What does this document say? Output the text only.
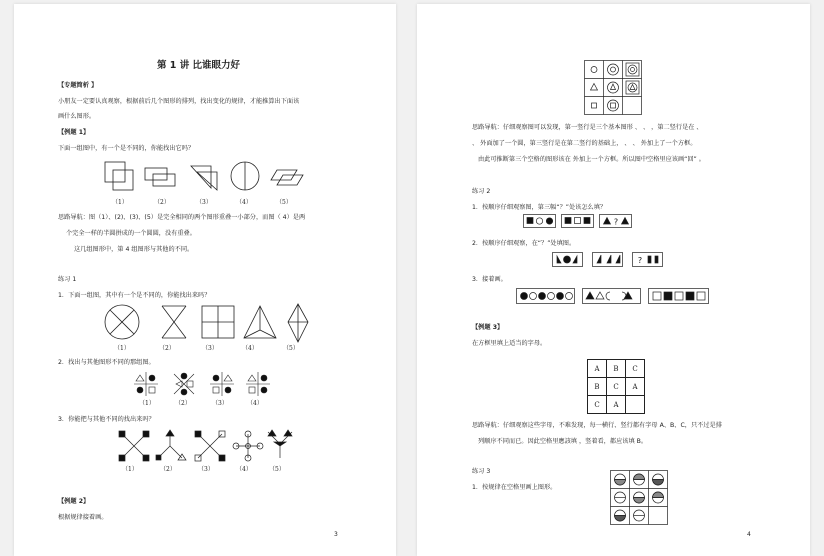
第 1 讲 比谁眼力好
【专题简析 】
小朋友一定要认真观察，根据前后几个图形的排列，找出变化的规律，才能推算出下面该
画什么图形。
【例题 1】
下面一组图中，有一个是不同的，你能找出它吗？
（1）	（2）	（3）	（4）	（5）
思路导航：图（1）、(2)、(3)、(5）是完全相同的两个图形重叠一小部分，而图（ 4）是两
个完全一样的半圆拼成的一个圆圆，没有重叠。
这几组图形中，第 4 组图形与其他的不同。
练习 1
1．下面一组图，其中有一个是不同的，你能找出来吗？
（1）	（2）	（3）	（4）	（5）
2．找出与其他图形不同的那组图。
（1）	（2）	（3）	（4）
3．你能把与其他不同的找出来吗？
（1）	（2）	（3）	（4）	（5）
【例题 2】
根据规律接着画。
3
思路导航：仔细观察图可以发现，第一竖行是三个基本图形 、 、 ，第二竖行是在 、
、 外面加了一个圆，第三竖行是在第二竖行的基础上， 、 、 外加上了一个方框。
由此可推断第三个空格的图形该在 外加上一个方框。所以图中空格里应该画“回” 。
练习 2
1．按顺序仔细观察图，第三幅“？”处该怎么填？
?
2．按顺序仔细观察，在“？”处填图。
?
3．接着画。
【例题 3】
在方框里填上适当的字母。
A	B	C
B	C	A
C	A
思路导航：仔细观察这些字母，不难发现，每一横行、竖行都有字母 A、B、C，只不过是排
列顺序不同而已。因此空格里應該填 ，竖着看，都应该填 B。
练习 3
1．按规律在空格里画上图形。
4
